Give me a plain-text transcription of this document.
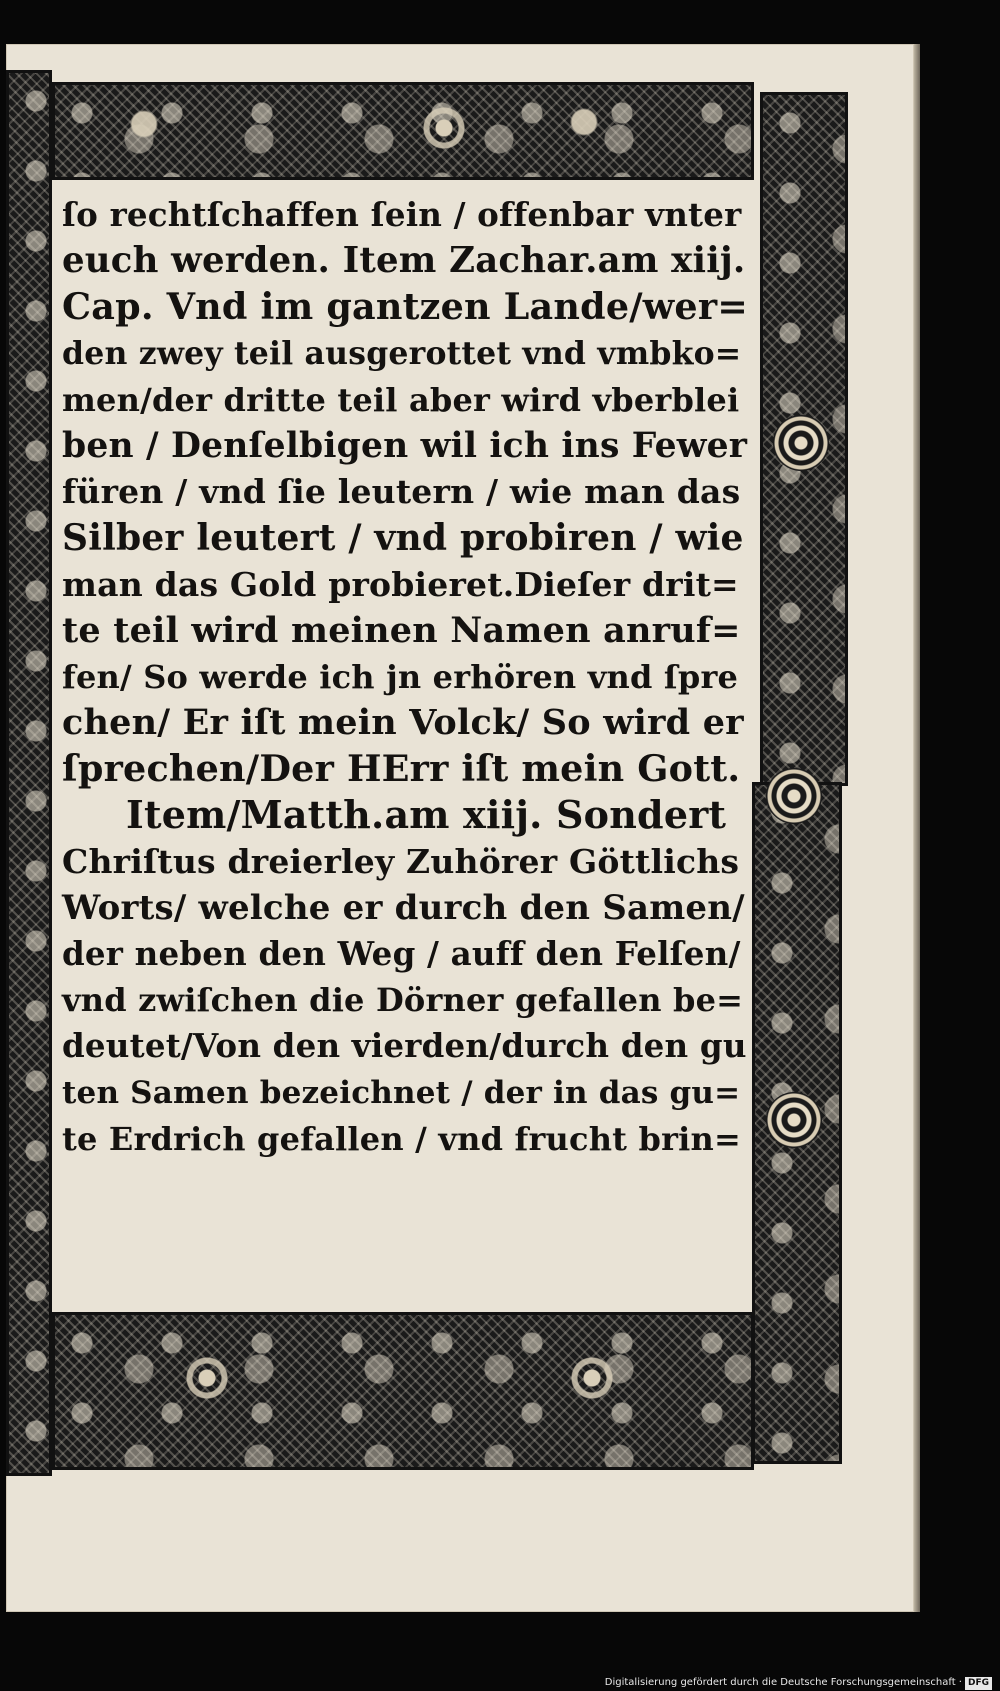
ſo rechtſchaffen ſein / offenbar vnter
euch werden. Item Zachar.am xiij.
Cap. Vnd im gantzen Lande/wer=
den zwey teil ausgerottet vnd vmbko=
men/der dritte teil aber wird vberblei
ben / Denſelbigen wil ich ins Fewer
füren / vnd ſie leutern / wie man das
Silber leutert / vnd probiren / wie
man das Gold probieret.Dieſer drit=
te teil wird meinen Namen anruf=
fen/ So werde ich jn erhören vnd ſpre
chen/ Er iſt mein Volck/ So wird er
ſprechen/Der HErr iſt mein Gott.
Item/Matth.am xiij. Sondert
Chriſtus dreierley Zuhörer Göttlichs
Worts/ welche er durch den Samen/
der neben den Weg / auff den Felſen/
vnd zwiſchen die Dörner gefallen be=
deutet/Von den vierden/durch den gu
ten Samen bezeichnet / der in das gu=
te Erdrich gefallen / vnd frucht brin=
Digitalisierung gefördert durch die Deutsche Forschungsgemeinschaft · DFG
